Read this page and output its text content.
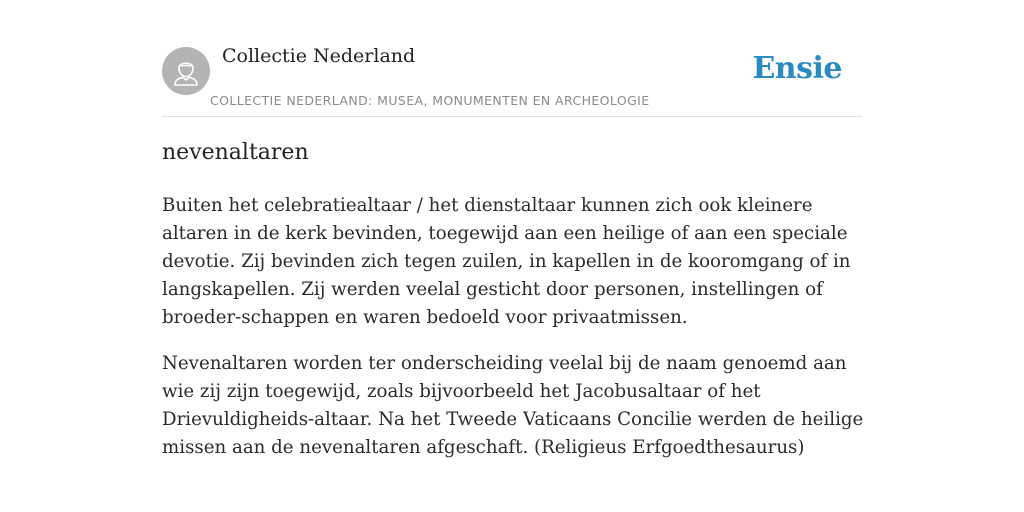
Collectie Nederland
COLLECTIE NEDERLAND: MUSEA, MONUMENTEN EN ARCHEOLOGIE
Ensie
nevenaltaren

Buiten het celebratiealtaar / het dienstaltaar kunnen zich ook kleinere altaren in de kerk bevinden, toegewijd aan een heilige of aan een speciale devotie. Zij bevinden zich tegen zuilen, in kapellen in de kooromgang of in langskapellen. Zij werden veelal gesticht door personen, instellingen of broeder-schappen en waren bedoeld voor privaatmissen.

Nevenaltaren worden ter onderscheiding veelal bij de naam genoemd aan wie zij zijn toegewijd, zoals bijvoorbeeld het Jacobusaltaar of het Drievuldigheids-altaar. Na het Tweede Vaticaans Concilie werden de heilige missen aan de nevenaltaren afgeschaft. (Religieus Erfgoedthesaurus)
